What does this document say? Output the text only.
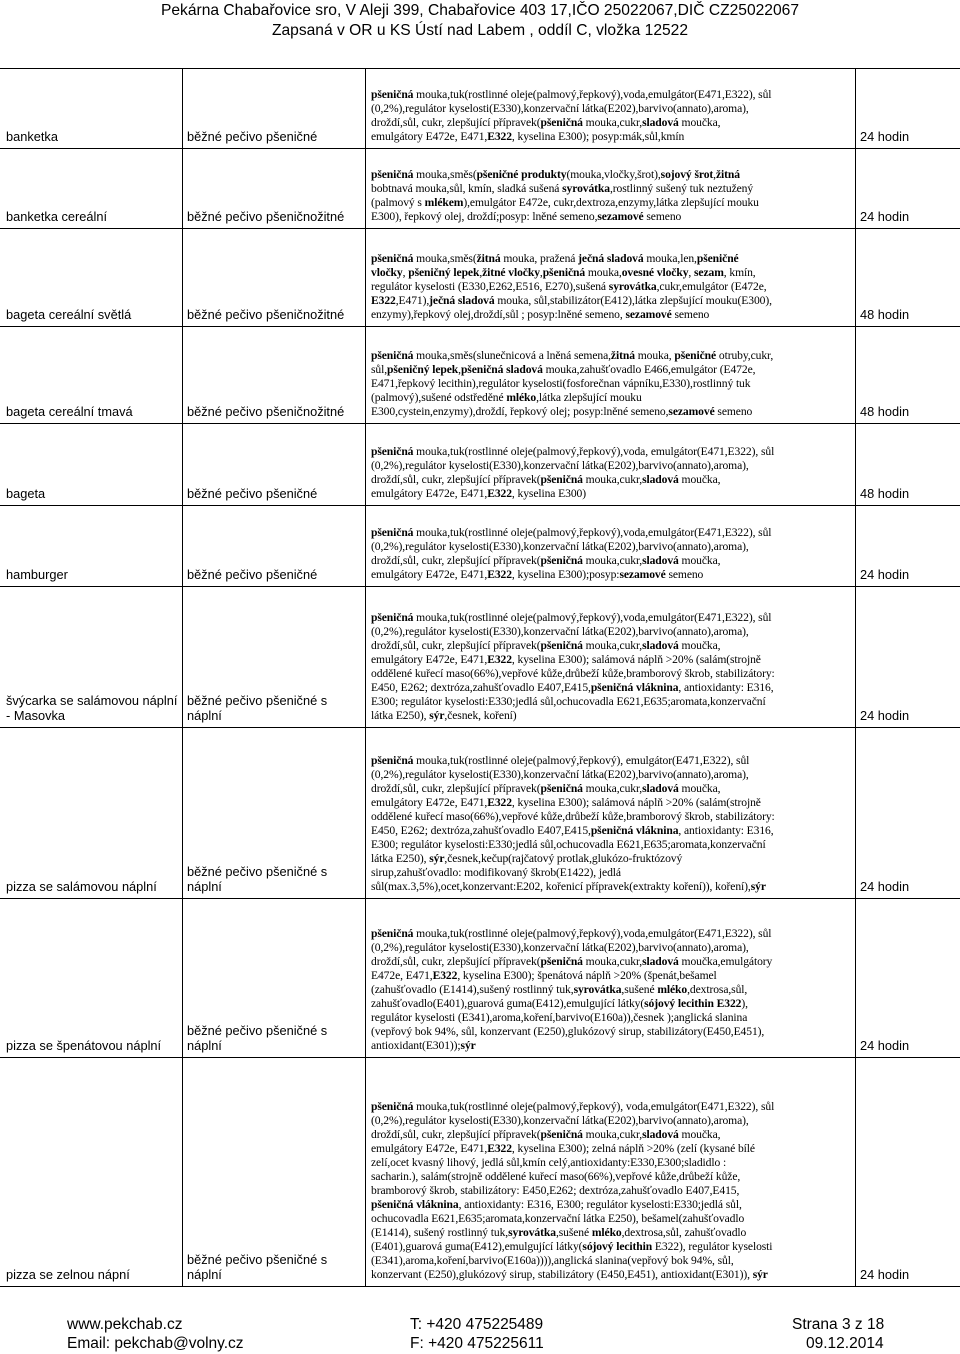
Pekárna Chabařovice sro, V Aleji 399, Chabařovice 403 17,IČO 25022067,DIČ CZ25022067
Zapsaná v OR u KS Ústí nad Labem , oddíl C, vložka 12522
banketka	běžné pečivo pšeničné
pšeničná mouka,tuk(rostlinné oleje(palmový,řepkový),voda,emulgátor(E471,E322), sůl
(0,2%),regulátor kyselosti(E330),konzervační látka(E202),barvivo(annato),aroma),
droždí,sůl, cukr, zlepšující přípravek(pšeničná mouka,cukr,sladová moučka,
emulgátory E472e, E471,E322, kyselina E300); posyp:mák,sůl,kmín	24 hodin
banketka cereální	běžné pečivo pšeničnožitné
pšeničná mouka,směs(pšeničné produkty(mouka,vločky,šrot),sojový šrot,žitná
bobtnavá mouka,sůl, kmín, sladká sušená syrovátka,rostlinný sušený tuk neztužený
(palmový s mlékem),emulgátor E472e, cukr,dextroza,enzymy,látka zlepšující mouku
E300), řepkový olej, droždí;posyp: lněné semeno,sezamové semeno	24 hodin
bageta cereální světlá	běžné pečivo pšeničnožitné
pšeničná mouka,směs(žitná mouka, pražená ječná sladová mouka,len,pšeničné
vločky, pšeničný lepek,žitné vločky,pšeničná mouka,ovesné vločky, sezam, kmín,
regulátor kyselosti (E330,E262,E516, E270),sušená syrovátka,cukr,emulgátor (E472e,
E322,E471),ječná sladová mouka, sůl,stabilizátor(E412),látka zlepšující mouku(E300),
enzymy),řepkový olej,droždí,sůl ; posyp:lněné semeno, sezamové semeno	48 hodin
bageta cereální tmavá	běžné pečivo pšeničnožitné
pšeničná mouka,směs(slunečnicová a lněná semena,žitná mouka, pšeničné otruby,cukr,
sůl,pšeničný lepek,pšeničná sladová mouka,zahušťovadlo E466,emulgátor (E472e,
E471,řepkový lecithin),regulátor kyselosti(fosforečnan vápníku,E330),rostlinný tuk
(palmový),sušené odstředěné mléko,látka zlepšující mouku
E300,cystein,enzymy),droždí, řepkový olej; posyp:lněné semeno,sezamové semeno	48 hodin
bageta	běžné pečivo pšeničné
pšeničná mouka,tuk(rostlinné oleje(palmový,řepkový),voda, emulgátor(E471,E322), sůl
(0,2%),regulátor kyselosti(E330),konzervační látka(E202),barvivo(annato),aroma),
droždí,sůl, cukr, zlepšující přípravek(pšeničná mouka,cukr,sladová moučka,
emulgátory E472e, E471,E322, kyselina E300)	48 hodin
hamburger	běžné pečivo pšeničné
pšeničná mouka,tuk(rostlinné oleje(palmový,řepkový),voda,emulgátor(E471,E322), sůl
(0,2%),regulátor kyselosti(E330),konzervační látka(E202),barvivo(annato),aroma),
droždí,sůl, cukr, zlepšující přípravek(pšeničná mouka,cukr,sladová moučka,
emulgátory E472e, E471,E322, kyselina E300);posyp:sezamové semeno	24 hodin
švýcarka se salámovou náplní - Masovka
běžné pečivo pšeničné s náplní
pšeničná mouka,tuk(rostlinné oleje(palmový,řepkový),voda,emulgátor(E471,E322), sůl
(0,2%),regulátor kyselosti(E330),konzervační látka(E202),barvivo(annato),aroma),
droždí,sůl, cukr, zlepšující přípravek(pšeničná mouka,cukr,sladová moučka,
emulgátory E472e, E471,E322, kyselina E300); salámová náplň >20% (salám(strojně
oddělené kuřecí maso(66%),vepřové kůže,drůbeží kůže,bramborový škrob, stabilizátory:
E450, E262; dextróza,zahušťovadlo E407,E415,pšeničná vláknina, antioxidanty: E316,
E300; regulátor kyselosti:E330;jedlá sůl,ochucovadla E621,E635;aromata,konzervační
látka E250), sýr,česnek, koření)	24 hodin
pizza se salámovou náplní
běžné pečivo pšeničné s náplní
pšeničná mouka,tuk(rostlinné oleje(palmový,řepkový), emulgátor(E471,E322), sůl
(0,2%),regulátor kyselosti(E330),konzervační látka(E202),barvivo(annato),aroma),
droždí,sůl, cukr, zlepšující přípravek(pšeničná mouka,cukr,sladová moučka,
emulgátory E472e, E471,E322, kyselina E300); salámová náplň >20% (salám(strojně
oddělené kuřecí maso(66%),vepřové kůže,drůbeží kůže,bramborový škrob, stabilizátory:
E450, E262; dextróza,zahušťovadlo E407,E415,pšeničná vláknina, antioxidanty: E316,
E300; regulátor kyselosti:E330;jedlá sůl,ochucovadla E621,E635;aromata,konzervační
látka E250), sýr,česnek,kečup(rajčatový protlak,glukózo-fruktózový
sirup,zahušťovadlo: modifikovaný škrob(E1422), jedlá
sůl(max.3,5%),ocet,konzervant:E202, kořenicí přípravek(extrakty koření)), koření),sýr	24 hodin
pizza se špenátovou náplní
běžné pečivo pšeničné s náplní
pšeničná mouka,tuk(rostlinné oleje(palmový,řepkový),voda,emulgátor(E471,E322), sůl
(0,2%),regulátor kyselosti(E330),konzervační látka(E202),barvivo(annato),aroma),
droždí,sůl, cukr, zlepšující přípravek(pšeničná mouka,cukr,sladová moučka,emulgátory
E472e, E471,E322, kyselina E300); špenátová náplň >20% (špenát,bešamel
(zahušťovadlo (E1414),sušený rostlinný tuk,syrovátka,sušené mléko,dextrosa,sůl,
zahušťovadlo(E401),guarová guma(E412),emulgující látky(sójový lecithin E322),
regulátor kyselosti (E341),aroma,koření,barvivo(E160a)),česnek );anglická slanina
(vepřový bok 94%, sůl, konzervant (E250),glukózový sirup, stabilizátory(E450,E451),
antioxidant(E301));sýr	24 hodin
pizza se zelnou nápní
běžné pečivo pšeničné s náplní
pšeničná mouka,tuk(rostlinné oleje(palmový,řepkový), voda,emulgátor(E471,E322), sůl
(0,2%),regulátor kyselosti(E330),konzervační látka(E202),barvivo(annato),aroma),
droždí,sůl, cukr, zlepšující přípravek(pšeničná mouka,cukr,sladová moučka,
emulgátory E472e, E471,E322, kyselina E300); zelná náplň >20% (zelí (kysané bílé
zelí,ocet kvasný lihový, jedlá sůl,kmín celý,antioxidanty:E330,E300;sladidlo :
sacharin.), salám(strojně oddělené kuřecí maso(66%),vepřové kůže,drůbeží kůže,
bramborový škrob, stabilizátory: E450,E262; dextróza,zahušťovadlo E407,E415,
pšeničná vláknina, antioxidanty: E316, E300; regulátor kyselosti:E330;jedlá sůl,
ochucovadla E621,E635;aromata,konzervační látka E250), bešamel(zahušťovadlo
(E1414), sušený rostlinný tuk,syrovátka,sušené mléko,dextrosa,sůl, zahušťovadlo
(E401),guarová guma(E412),emulgující látky(sójový lecithin E322), regulátor kyselosti
(E341),aroma,koření,barvivo(E160a)))),anglická slanina(vepřový bok 94%, sůl,
konzervant (E250),glukózový sirup, stabilizátory (E450,E451), antioxidant(E301)), sýr	24 hodin
www.pekchab.cz
Email: pekchab@volny.cz
T: +420 475225489
F: +420 475225611
Strana 3 z 18
09.12.2014
